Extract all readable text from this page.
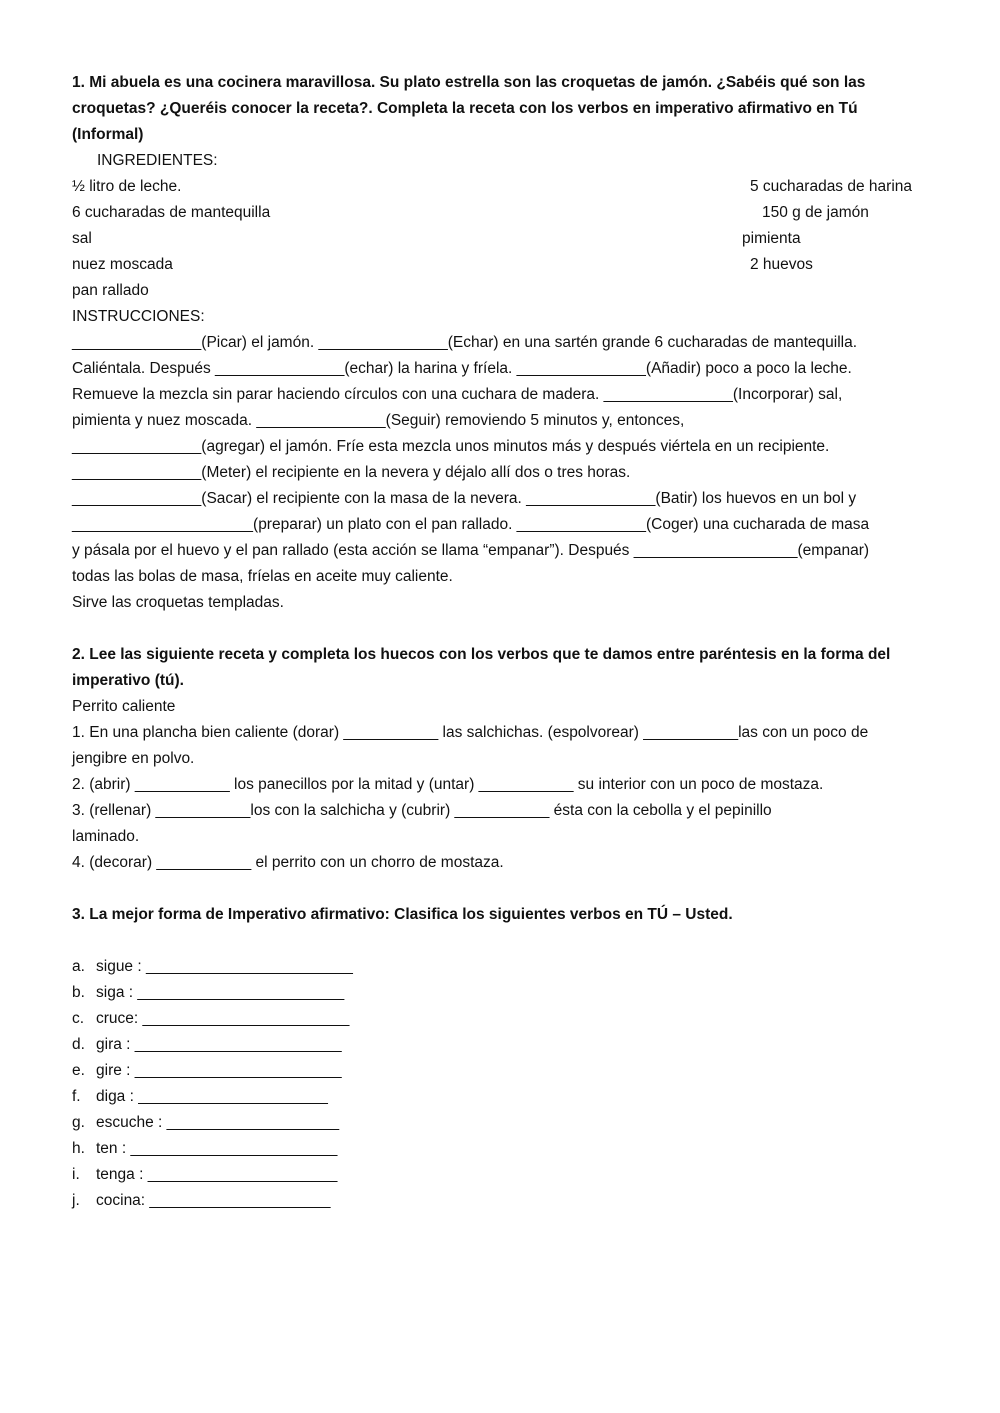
1. Mi abuela es una cocinera maravillosa. Su plato estrella son las croquetas de jamón. ¿Sabéis qué son las croquetas? ¿Queréis conocer la receta?. Completa la receta con los verbos en imperativo afirmativo en Tú (Informal)

INGREDIENTES:

½ litro de leche.	5 cucharadas de harina
6 cucharadas de mantequilla	150 g de jamón
sal	pimienta
nuez moscada	2 huevos
pan rallado

INSTRUCCIONES:

_______________(Picar) el jamón. _______________(Echar) en una sartén grande 6 cucharadas de mantequilla.

Caliéntala. Después _______________(echar) la harina y fríela. _______________(Añadir) poco a poco la leche.

Remueve la mezcla sin parar haciendo círculos con una cuchara de madera. _______________(Incorporar) sal,

pimienta y nuez moscada. _______________(Seguir) removiendo 5 minutos y, entonces,

_______________(agregar) el jamón. Fríe esta mezcla unos minutos más y después viértela en un recipiente.

_______________(Meter) el recipiente en la nevera y déjalo allí dos o tres horas.

_______________(Sacar) el recipiente con la masa de la nevera. _______________(Batir) los huevos en un bol y

_____________________(preparar) un plato con el pan rallado. _______________(Coger) una cucharada de masa

y pásala por el huevo y el pan rallado (esta acción se llama “empanar”). Después ___________________(empanar)

todas las bolas de masa, fríelas en aceite muy caliente.

Sirve las croquetas templadas.

2. Lee las siguiente receta y completa los huecos con los verbos que te damos entre paréntesis en la forma del imperativo (tú).

Perrito caliente

1. En una plancha bien caliente (dorar) ___________ las salchichas. (espolvorear) ___________las con un poco de jengibre en polvo.

2. (abrir) ___________ los panecillos por la mitad y (untar) ___________ su interior con un poco de mostaza.

3. (rellenar) ___________los con la salchicha y (cubrir) ___________ ésta con la cebolla y el pepinillo laminado.

4. (decorar) ___________ el perrito con un chorro de mostaza.

3. La mejor forma de Imperativo afirmativo: Clasifica los siguientes verbos en TÚ – Usted.

a. sigue : ________________________
b. siga : ________________________
c. cruce: ________________________
d. gira : ________________________
e. gire : ________________________
f. diga : ______________________
g. escuche : ____________________
h. ten : ________________________
i.	tenga : ______________________
j.	cocina: _____________________
